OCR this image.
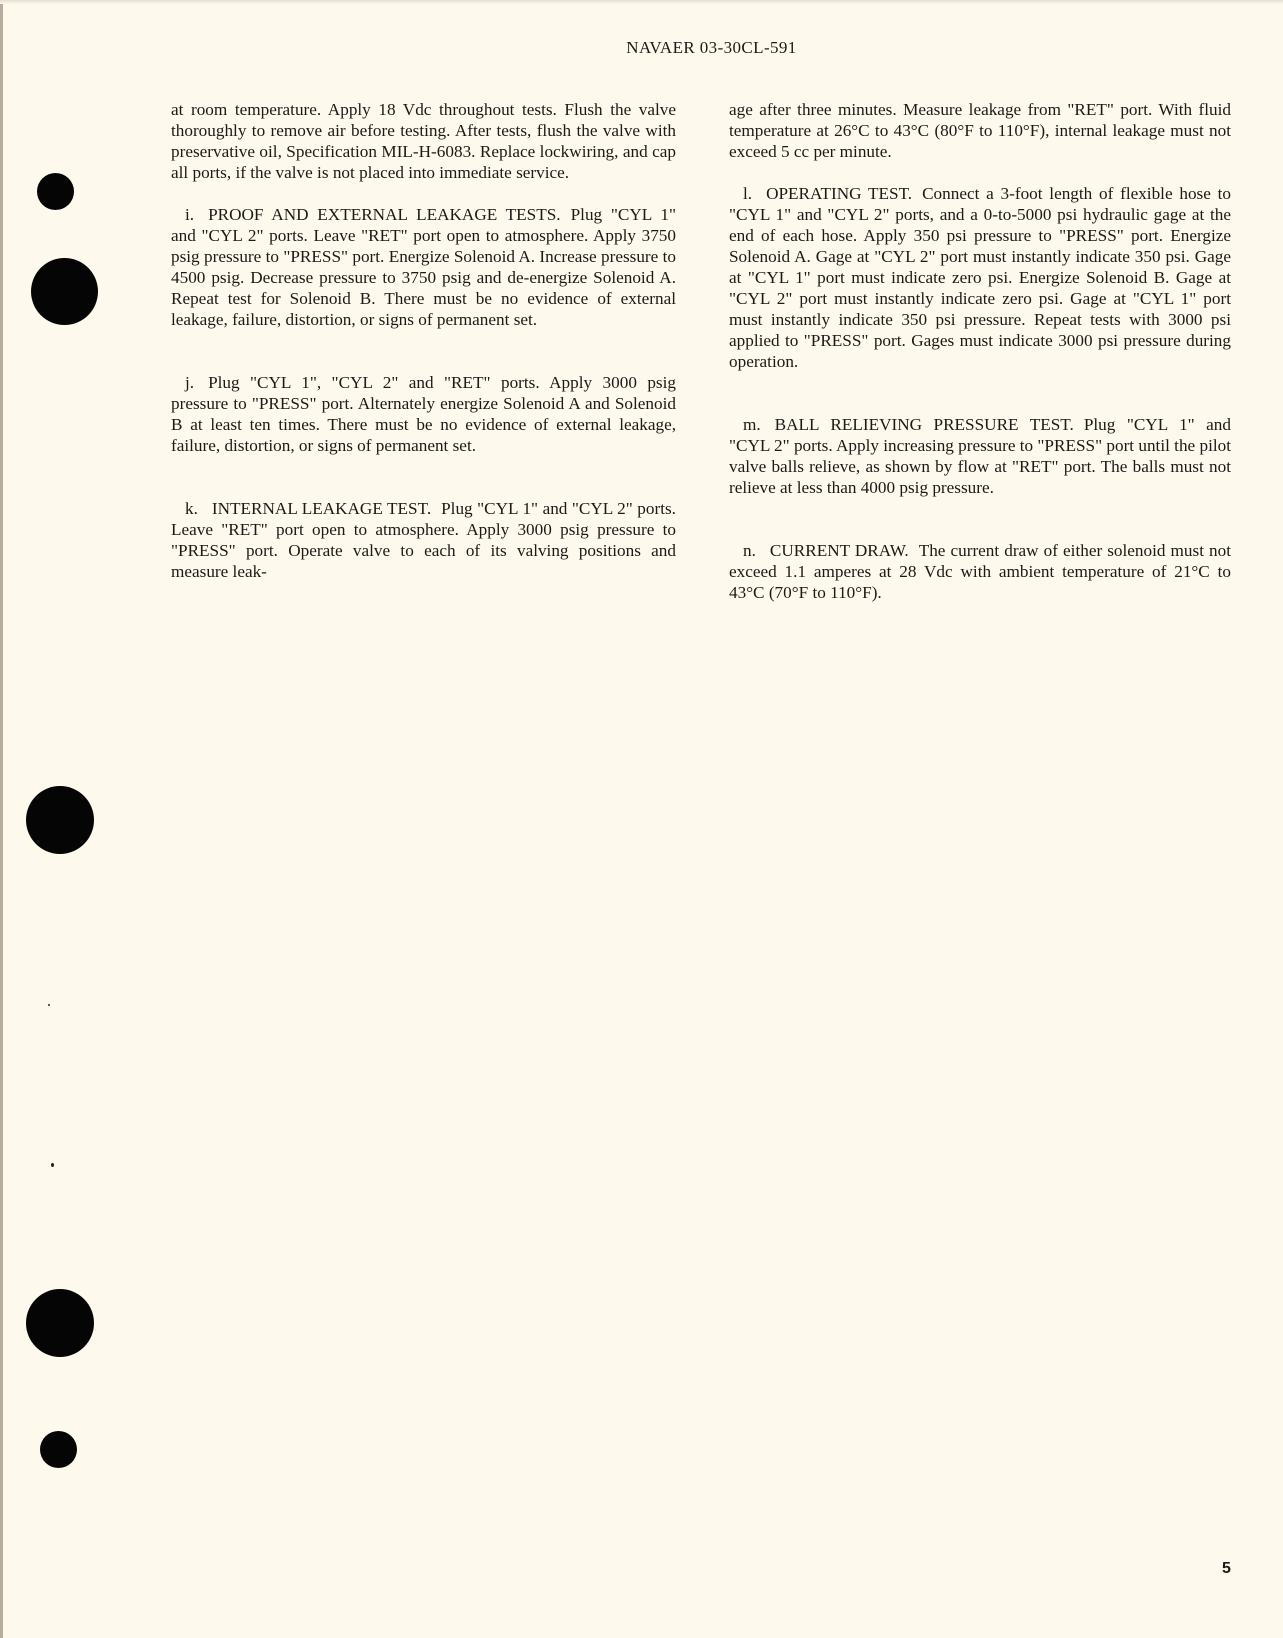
NAVAER 03-30CL-591

at room temperature. Apply 18 Vdc throughout tests. Flush the valve thoroughly to remove air before testing. After tests, flush the valve with preservative oil, Specification MIL-H-6083. Replace lockwiring, and cap all ports, if the valve is not placed into immediate service.

i. PROOF AND EXTERNAL LEAKAGE TESTS. Plug "CYL 1" and "CYL 2" ports. Leave "RET" port open to atmosphere. Apply 3750 psig pressure to "PRESS" port. Energize Solenoid A. Increase pressure to 4500 psig. Decrease pressure to 3750 psig and de-energize Solenoid A. Repeat test for Solenoid B. There must be no evidence of external leakage, failure, distortion, or signs of permanent set.

j. Plug "CYL 1", "CYL 2" and "RET" ports. Apply 3000 psig pressure to "PRESS" port. Alternately energize Solenoid A and Solenoid B at least ten times. There must be no evidence of external leakage, failure, distortion, or signs of permanent set.

k. INTERNAL LEAKAGE TEST. Plug "CYL 1" and "CYL 2" ports. Leave "RET" port open to atmosphere. Apply 3000 psig pressure to "PRESS" port. Operate valve to each of its valving positions and measure leak-

age after three minutes. Measure leakage from "RET" port. With fluid temperature at 26°C to 43°C (80°F to 110°F), internal leakage must not exceed 5 cc per minute.

l. OPERATING TEST. Connect a 3-foot length of flexible hose to "CYL 1" and "CYL 2" ports, and a 0-to-5000 psi hydraulic gage at the end of each hose. Apply 350 psi pressure to "PRESS" port. Energize Solenoid A. Gage at "CYL 2" port must instantly indicate 350 psi. Gage at "CYL 1" port must indicate zero psi. Energize Solenoid B. Gage at "CYL 2" port must instantly indicate zero psi. Gage at "CYL 1" port must instantly indicate 350 psi pressure. Repeat tests with 3000 psi applied to "PRESS" port. Gages must indicate 3000 psi pressure during operation.

m. BALL RELIEVING PRESSURE TEST. Plug "CYL 1" and "CYL 2" ports. Apply increasing pressure to "PRESS" port until the pilot valve balls relieve, as shown by flow at "RET" port. The balls must not relieve at less than 4000 psig pressure.

n. CURRENT DRAW. The current draw of either solenoid must not exceed 1.1 amperes at 28 Vdc with ambient temperature of 21°C to 43°C (70°F to 110°F).

5
